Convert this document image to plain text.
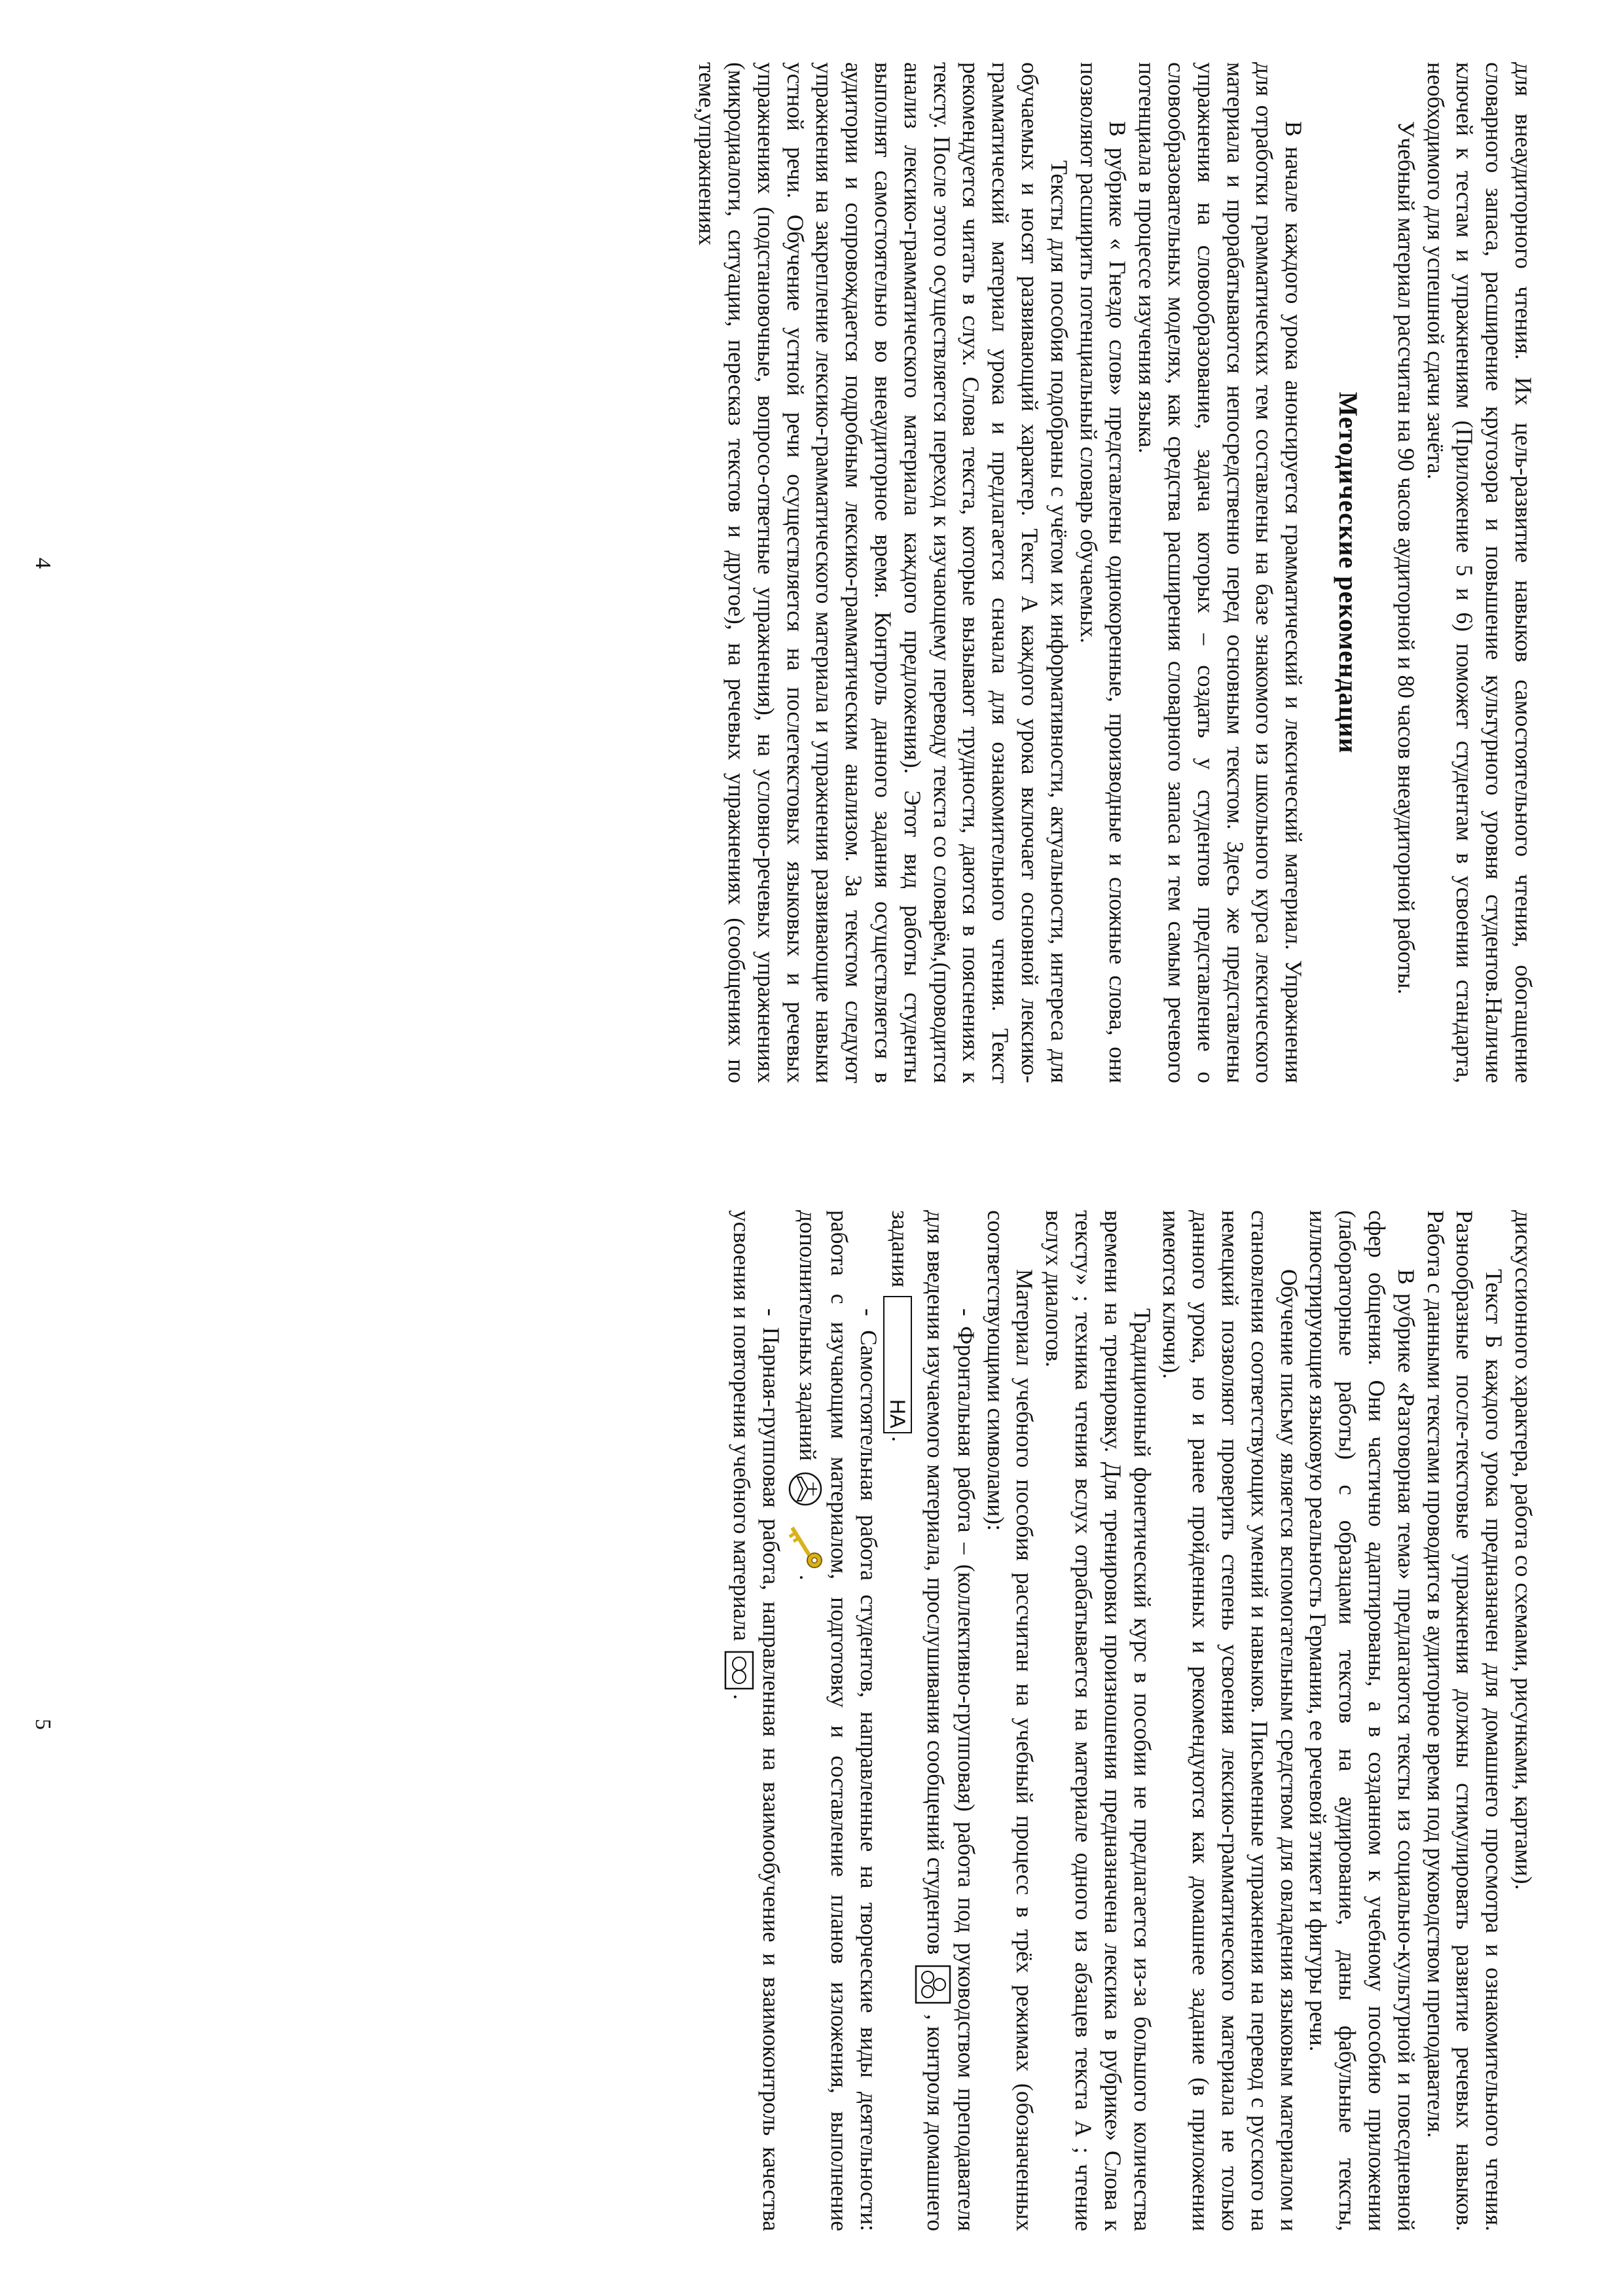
для внеаудиторного чтения. Их цель-развитие навыков самостоятельного чтения, обогащение словарного запаса, расширение кругозора и повышение культурного уровня студентов.Наличие ключей к тестам и упражнениям (Приложение 5 и 6) поможет студентам в усвоении стандарта, необходимого для успешной сдачи зачёта.

Учебный материал рассчитан на 90 часов аудиторной и 80 часов внеаудиторной работы.

Методические рекомендации

В начале каждого урока анонсируется грамматический и лексический материал. Упражнения для отработки грамматических тем составлены на базе знакомого из школьного курса лексического материала и прорабатываются непосредственно перед основным текстом. Здесь же представлены упражнения на словообразование, задача которых – создать у студентов представление о словообразовательных моделях, как средства расширения словарного запаса и тем самым речевого потенциала в процессе изучения языка.

В рубрике « Гнездо слов» представлены однокоренные, производные и сложные слова, они позволяют расширить потенциальный словарь обучаемых.

Тексты для пособия подобраны с учётом их информативности, актуальности, интереса для обучаемых и носят развивающий характер. Текст А каждого урока включает основной лексико-грамматический материал урока и предлагается сначала для ознакомительного чтения. Текст рекомендуется читать в слух. Слова текста, которые вызывают трудности, даются в пояснениях к тексту. После этого осуществляется переход к изучающему переводу текста со словарём,(проводится анализ лексико-грамматического материала каждого предложения). Этот вид работы студенты выполнят самостоятельно во внеаудиторное время. Контроль данного задания осуществляется в аудитории и сопровождается подробным лексико-грамматическим анализом. За текстом следуют упражнения на закрепление лексико-грамматического материала и упражнения развивающие навыки устной речи. Обучение устной речи осуществляется на послетекстовых языковых и речевых упражнениях (подстановочные, вопросо-ответные упражнения), на условно-речевых упражнениях (микродиалоги, ситуации, пересказ текстов и другое), на речевых упражнениях (сообщениях по теме,упражнениях

4

дискуссионного характера, работа со схемами, рисунками, картами).

Текст Б каждого урока предназначен для домашнего просмотра и ознакомительного чтения. Разнообразные после-текстовые упражнения должны стимулировать развитие речевых навыков. Работа с данными текстами проводится в аудиторное время под руководством преподавателя.

В рубрике «Разговорная тема» предлагаются тексты из социально-культурной и повседневной сфер общения. Они частично адаптированы, а в созданном к учебному пособию приложении (лабораторные работы) с образцами текстов на аудирование, даны фабульные тексты, иллюстрирующие языковую реальность Германии, ее речевой этикет и фигуры речи.

Обучение письму является вспомогательным средством для овладения языковым материалом и становления соответствующих умений и навыков. Письменные упражнения на перевод с русского на немецкий позволяют проверить степень усвоения лексико-грамматического материала не только данного урока, но и ранее пройденных и рекомендуются как домашнее задание (в приложении имеются ключи).

Традиционный фонетический курс в пособии не предлагается из-за большого количества времени на тренировку. Для тренировки произношения предназначена лексика в рубрике» Слова к тексту» ; техника чтения вслух отрабатывается на материале одного из абзацев текста А ; чтение вслух диалогов.

Материал учебного пособия рассчитан на учебный процесс в трёх режимах (обозначенных соответствующими символами):

- Фронтальная работа – (коллективно-групповая) работа под руководством преподавателя для введения изучаемого материала, прослушивания сообщений студентов
, контроля домашнего задания HA.

- Самостоятельная работа студентов, направленные на творческие виды деятельности: работа с изучающим материалом, подготовку и составление планов изложения, выполнение дополнительных заданий

.

- Парная-групповая работа, направленная на взаимообучение и взаимоконтроль качества усвоения и повторения учебного материала
.

5
